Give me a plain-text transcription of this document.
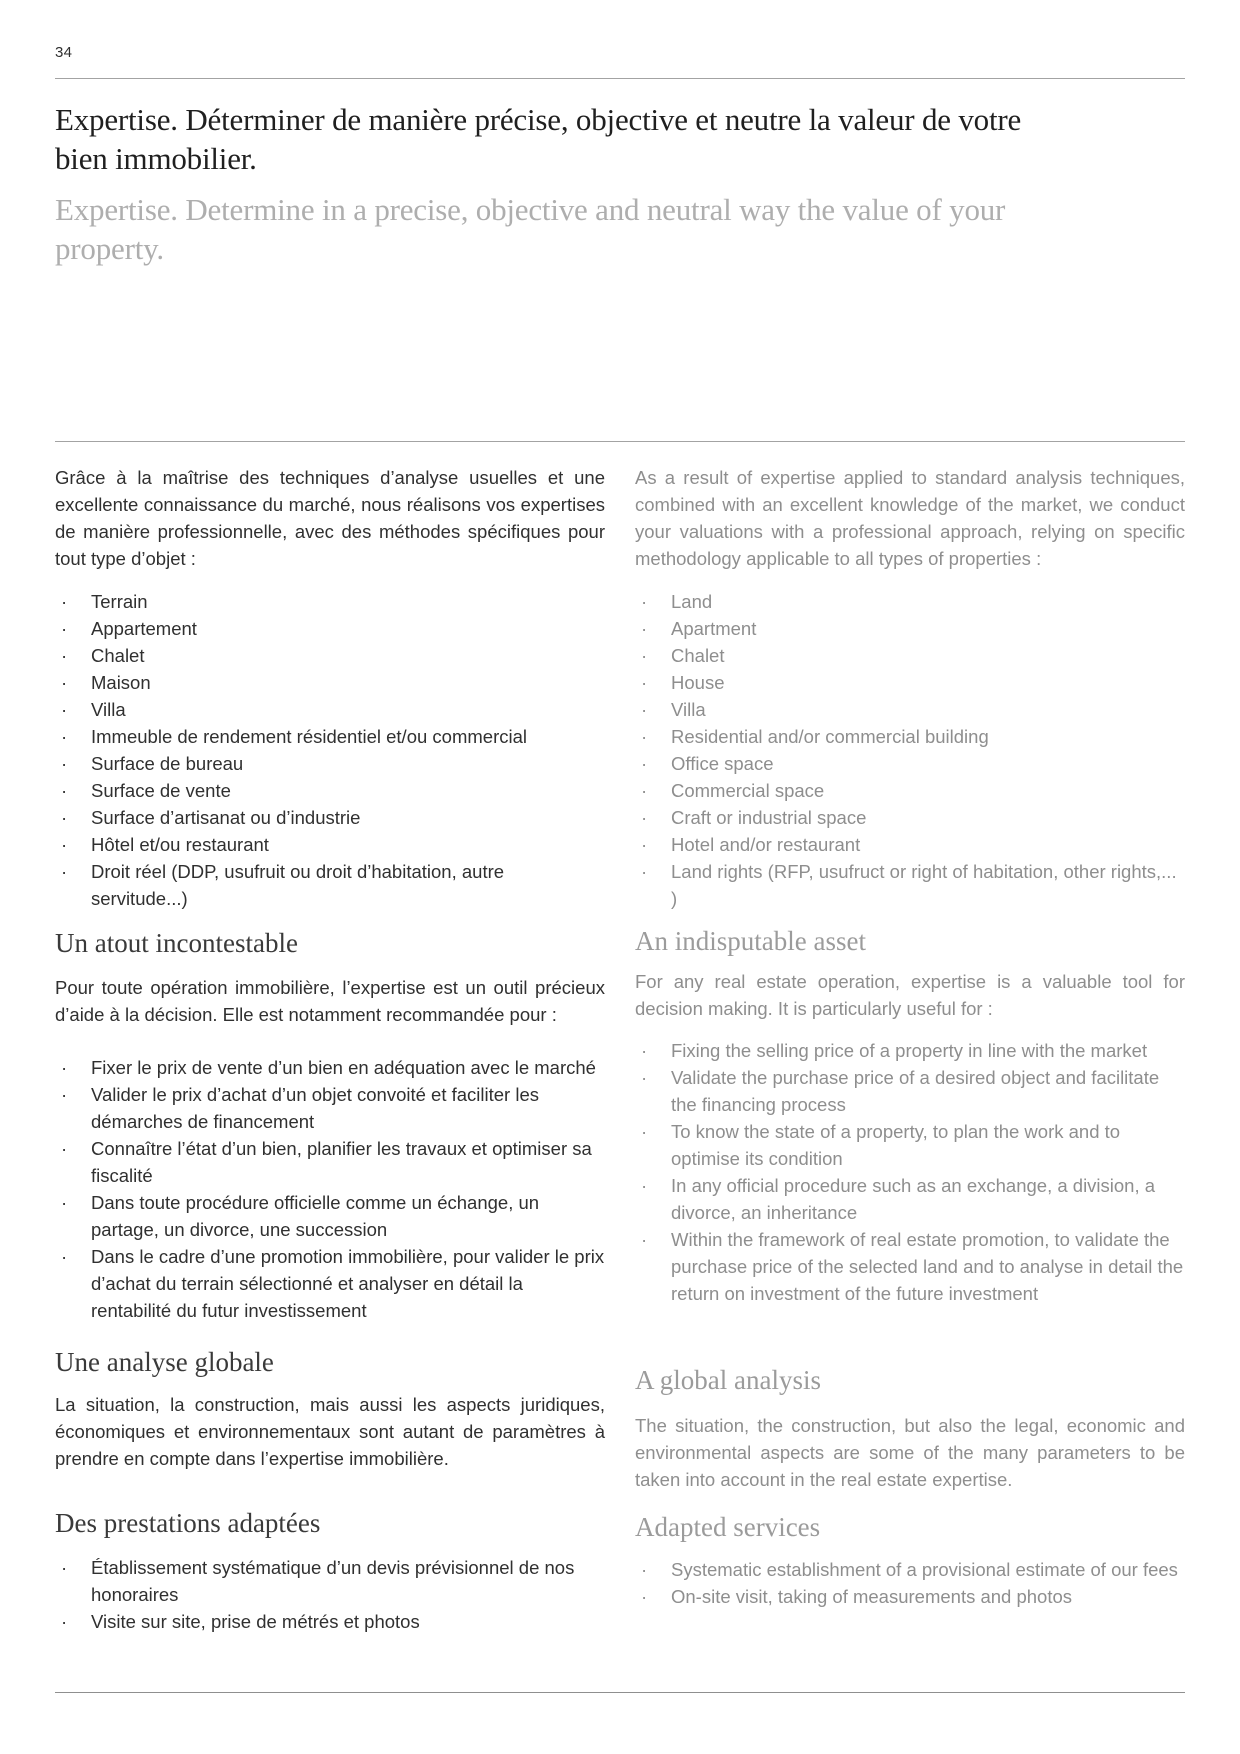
34
Expertise. Déterminer de manière précise, objective et neutre la valeur de votre bien immobilier.
Expertise. Determine in a precise, objective and neutral way the value of your property.

Grâce à la maîtrise des techniques d’analyse usuelles et une excellente connaissance du marché, nous réalisons vos expertises de manière professionnelle, avec des méthodes spécifiques pour tout type d’objet :

·
Terrain
·
Appartement
·
Chalet
·
Maison
·
Villa
·
Immeuble de rendement résidentiel et/ou commercial
·
Surface de bureau
·
Surface de vente
·
Surface d’artisanat ou d’industrie
·
Hôtel et/ou restaurant
·
Droit réel (DDP, usufruit ou droit d’habitation, autre servitude...)
Un atout incontestable

Pour toute opération immobilière, l’expertise est un outil précieux d’aide à la décision. Elle est notamment recommandée pour :

·
Fixer le prix de vente d’un bien en adéquation avec le marché
·
Valider le prix d’achat d’un objet convoité et faciliter les démarches de financement
·
Connaître l’état d’un bien, planifier les travaux et optimiser sa fiscalité
·
Dans toute procédure officielle comme un échange, un partage, un divorce, une succession
·
Dans le cadre d’une promotion immobilière, pour valider le prix d’achat du terrain sélectionné et analyser en détail la rentabilité du futur investissement
Une analyse globale

La situation, la construction, mais aussi les aspects juridiques, économiques et environnementaux sont autant de paramètres à prendre en compte dans l’expertise immobilière.

Des prestations adaptées
·
Établissement systématique d’un devis prévisionnel de nos honoraires
·
Visite sur site, prise de métrés et photos

As a result of expertise applied to standard analysis techniques, combined with an excellent knowledge of the market, we conduct your valuations with a professional approach, relying on specific methodology applicable to all types of properties :

·
Land
·
Apartment
·
Chalet
·
House
·
Villa
·
Residential and/or commercial building
·
Office space
·
Commercial space
·
Craft or industrial space
·
Hotel and/or restaurant
·
Land rights (RFP, usufruct or right of habitation, other rights,... )
An indisputable asset

For any real estate operation, expertise is a valuable tool for decision making. It is particularly useful for :

·
Fixing the selling price of a property in line with the market
·
Validate the purchase price of a desired object and facilitate the financing process
·
To know the state of a property, to plan the work and to optimise its condition
·
In any official procedure such as an exchange, a division, a divorce, an inheritance
·
Within the framework of real estate promotion, to validate the purchase price of the selected land and to analyse in detail the return on investment of the future investment
A global analysis

The situation, the construction, but also the legal, economic and environmental aspects are some of the many parameters to be taken into account in the real estate expertise.

Adapted services
·
Systematic establishment of a provisional estimate of our fees
·
On-site visit, taking of measurements and photos
